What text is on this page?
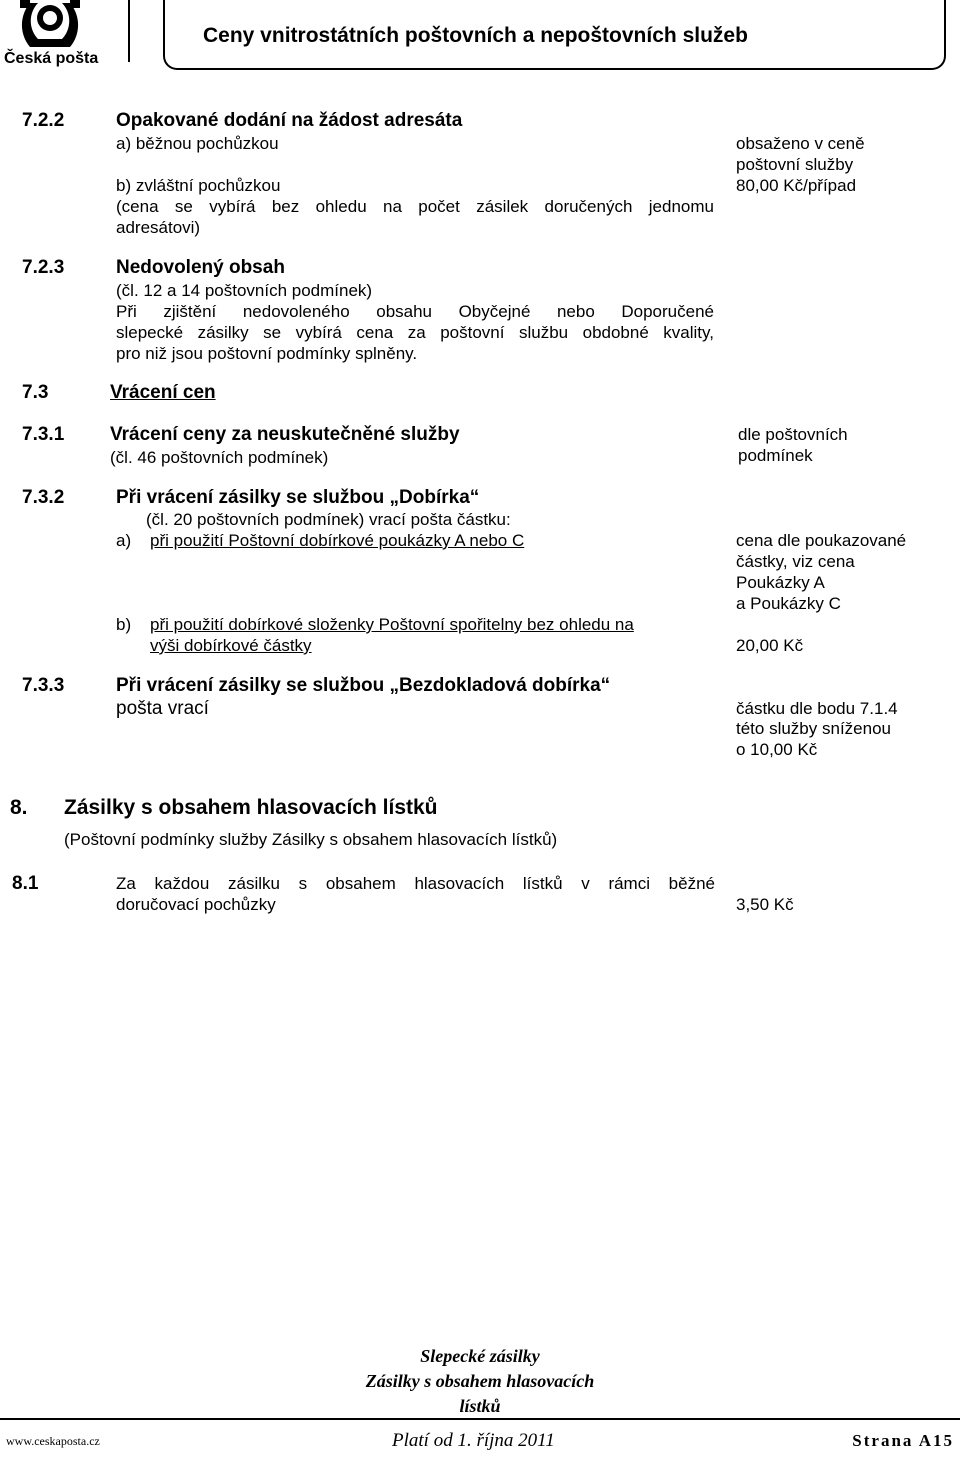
Česká pošta
Ceny vnitrostátních poštovních a nepoštovních služeb
7.2.2	Opakované dodání na žádost adresáta
a) běžnou pochůzkou	obsaženo v ceně
poštovní služby
b) zvláštní pochůzkou	80,00 Kč/případ
(cena se vybírá bez ohledu na počet zásilek doručených jednomu
adresátovi)
7.2.3	Nedovolený obsah
(čl. 12 a 14 poštovních podmínek)
Při zjištění nedovoleného obsahu Obyčejné nebo Doporučené
slepecké zásilky se vybírá cena za poštovní službu obdobné kvality,
pro niž jsou poštovní podmínky splněny.
7.3	Vrácení cen
7.3.1 Vrácení ceny za neuskutečněné služby
(čl. 46 poštovních podmínek)
dle poštovních
podmínek
7.3.2	Při vrácení zásilky se službou „Dobírka“
(čl. 20 poštovních podmínek) vrací pošta částku:
a) při použití Poštovní dobírkové poukázky A nebo C	cena dle poukazované
částky, viz cena
Poukázky A
a Poukázky C
b) při použití dobírkové složenky Poštovní spořitelny bez ohledu na
výši dobírkové částky	20,00 Kč
7.3.3	Při vrácení zásilky se službou „Bezdokladová dobírka“
pošta vrací	částku dle bodu 7.1.4
této služby sníženou
o 10,00 Kč
8. Zásilky s obsahem hlasovacích lístků
(Poštovní podmínky služby Zásilky s obsahem hlasovacích lístků)
8.1	Za každou zásilku s obsahem hlasovacích lístků v rámci běžné
doručovací pochůzky	3,50 Kč
Slepecké zásilky
Zásilky s obsahem hlasovacích
lístků
www.ceskaposta.cz	Platí od 1. října 2011	Strana A15
